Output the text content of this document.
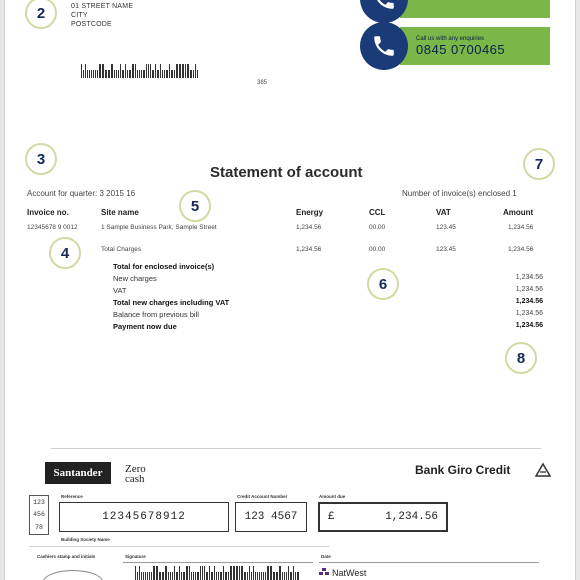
2	01 STREET NAME
CITY
POSTCODE
385
Call us with any enquiries
0845 0700465
3
Statement of account	7
Account for quarter: 3 2015 16	Number of invoice(s) enclosed 1
5
Invoice no.	Site name	Energy	CCL	VAT	Amount
12345678 9 0012	1 Sample Business Park, Sample Street	1,234.56	00.00	123.45	1,234.56
4	Total Charges	1,234.56	00.00	123.45	1,234.56
6
Total for enclosed invoice(s)
New charges	1,234.56
VAT	1,234.56
Total new charges including VAT	1,234.56
Balance from previous bill	1,234.56
Payment now due	1,234.56
8
Santander	Zero
cash
Bank Giro Credit
123
456
78
Reference
12345678912
Credit Account Number
123 4567
Amount due
£	1,234.56
Building Society Name
Cashiers stamp and initials	Signature	Date
NatWest
